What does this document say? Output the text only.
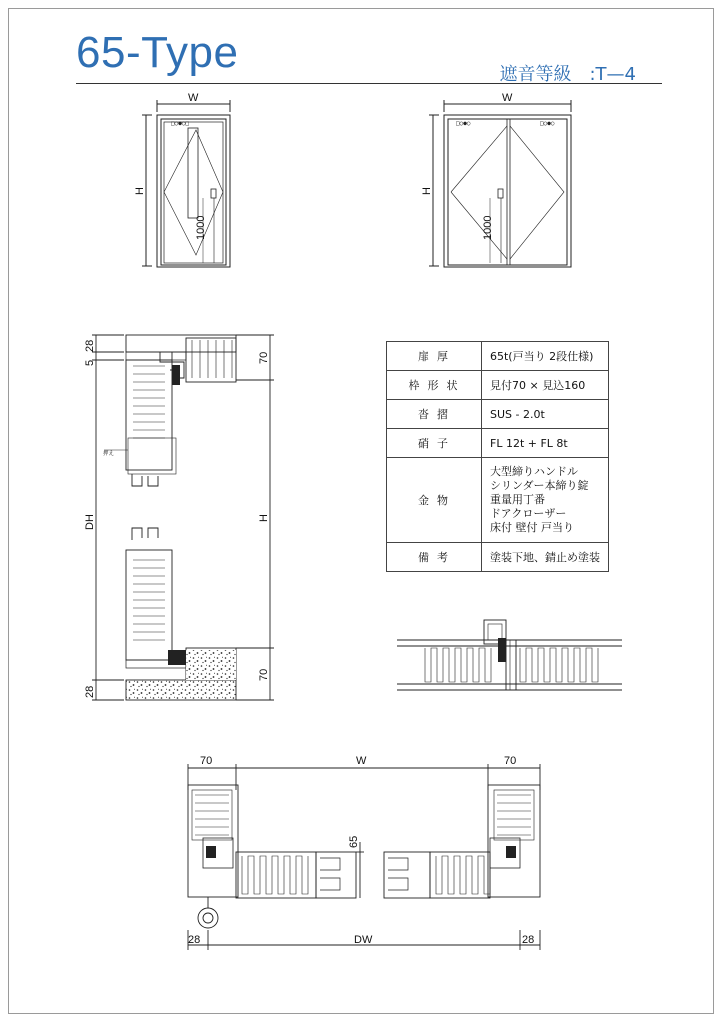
65-Type	遮音等級　:T—4
W
H
1000
□○●○□
W
H
1000
□○●○	□○●○
28
5
DH
28
70
H
70
押え
70	W	70
28	DW	28
65
扉厚	65t(戸当り 2段仕様)
枠形状	見付70 × 見込160
沓摺	SUS - 2.0t
硝子	FL 12t + FL 8t
金物	大型締りハンドル
シリンダー本締り錠
重量用丁番
ドアクローザー
床付 壁付 戸当り

備考	塗装下地、錆止め塗装
